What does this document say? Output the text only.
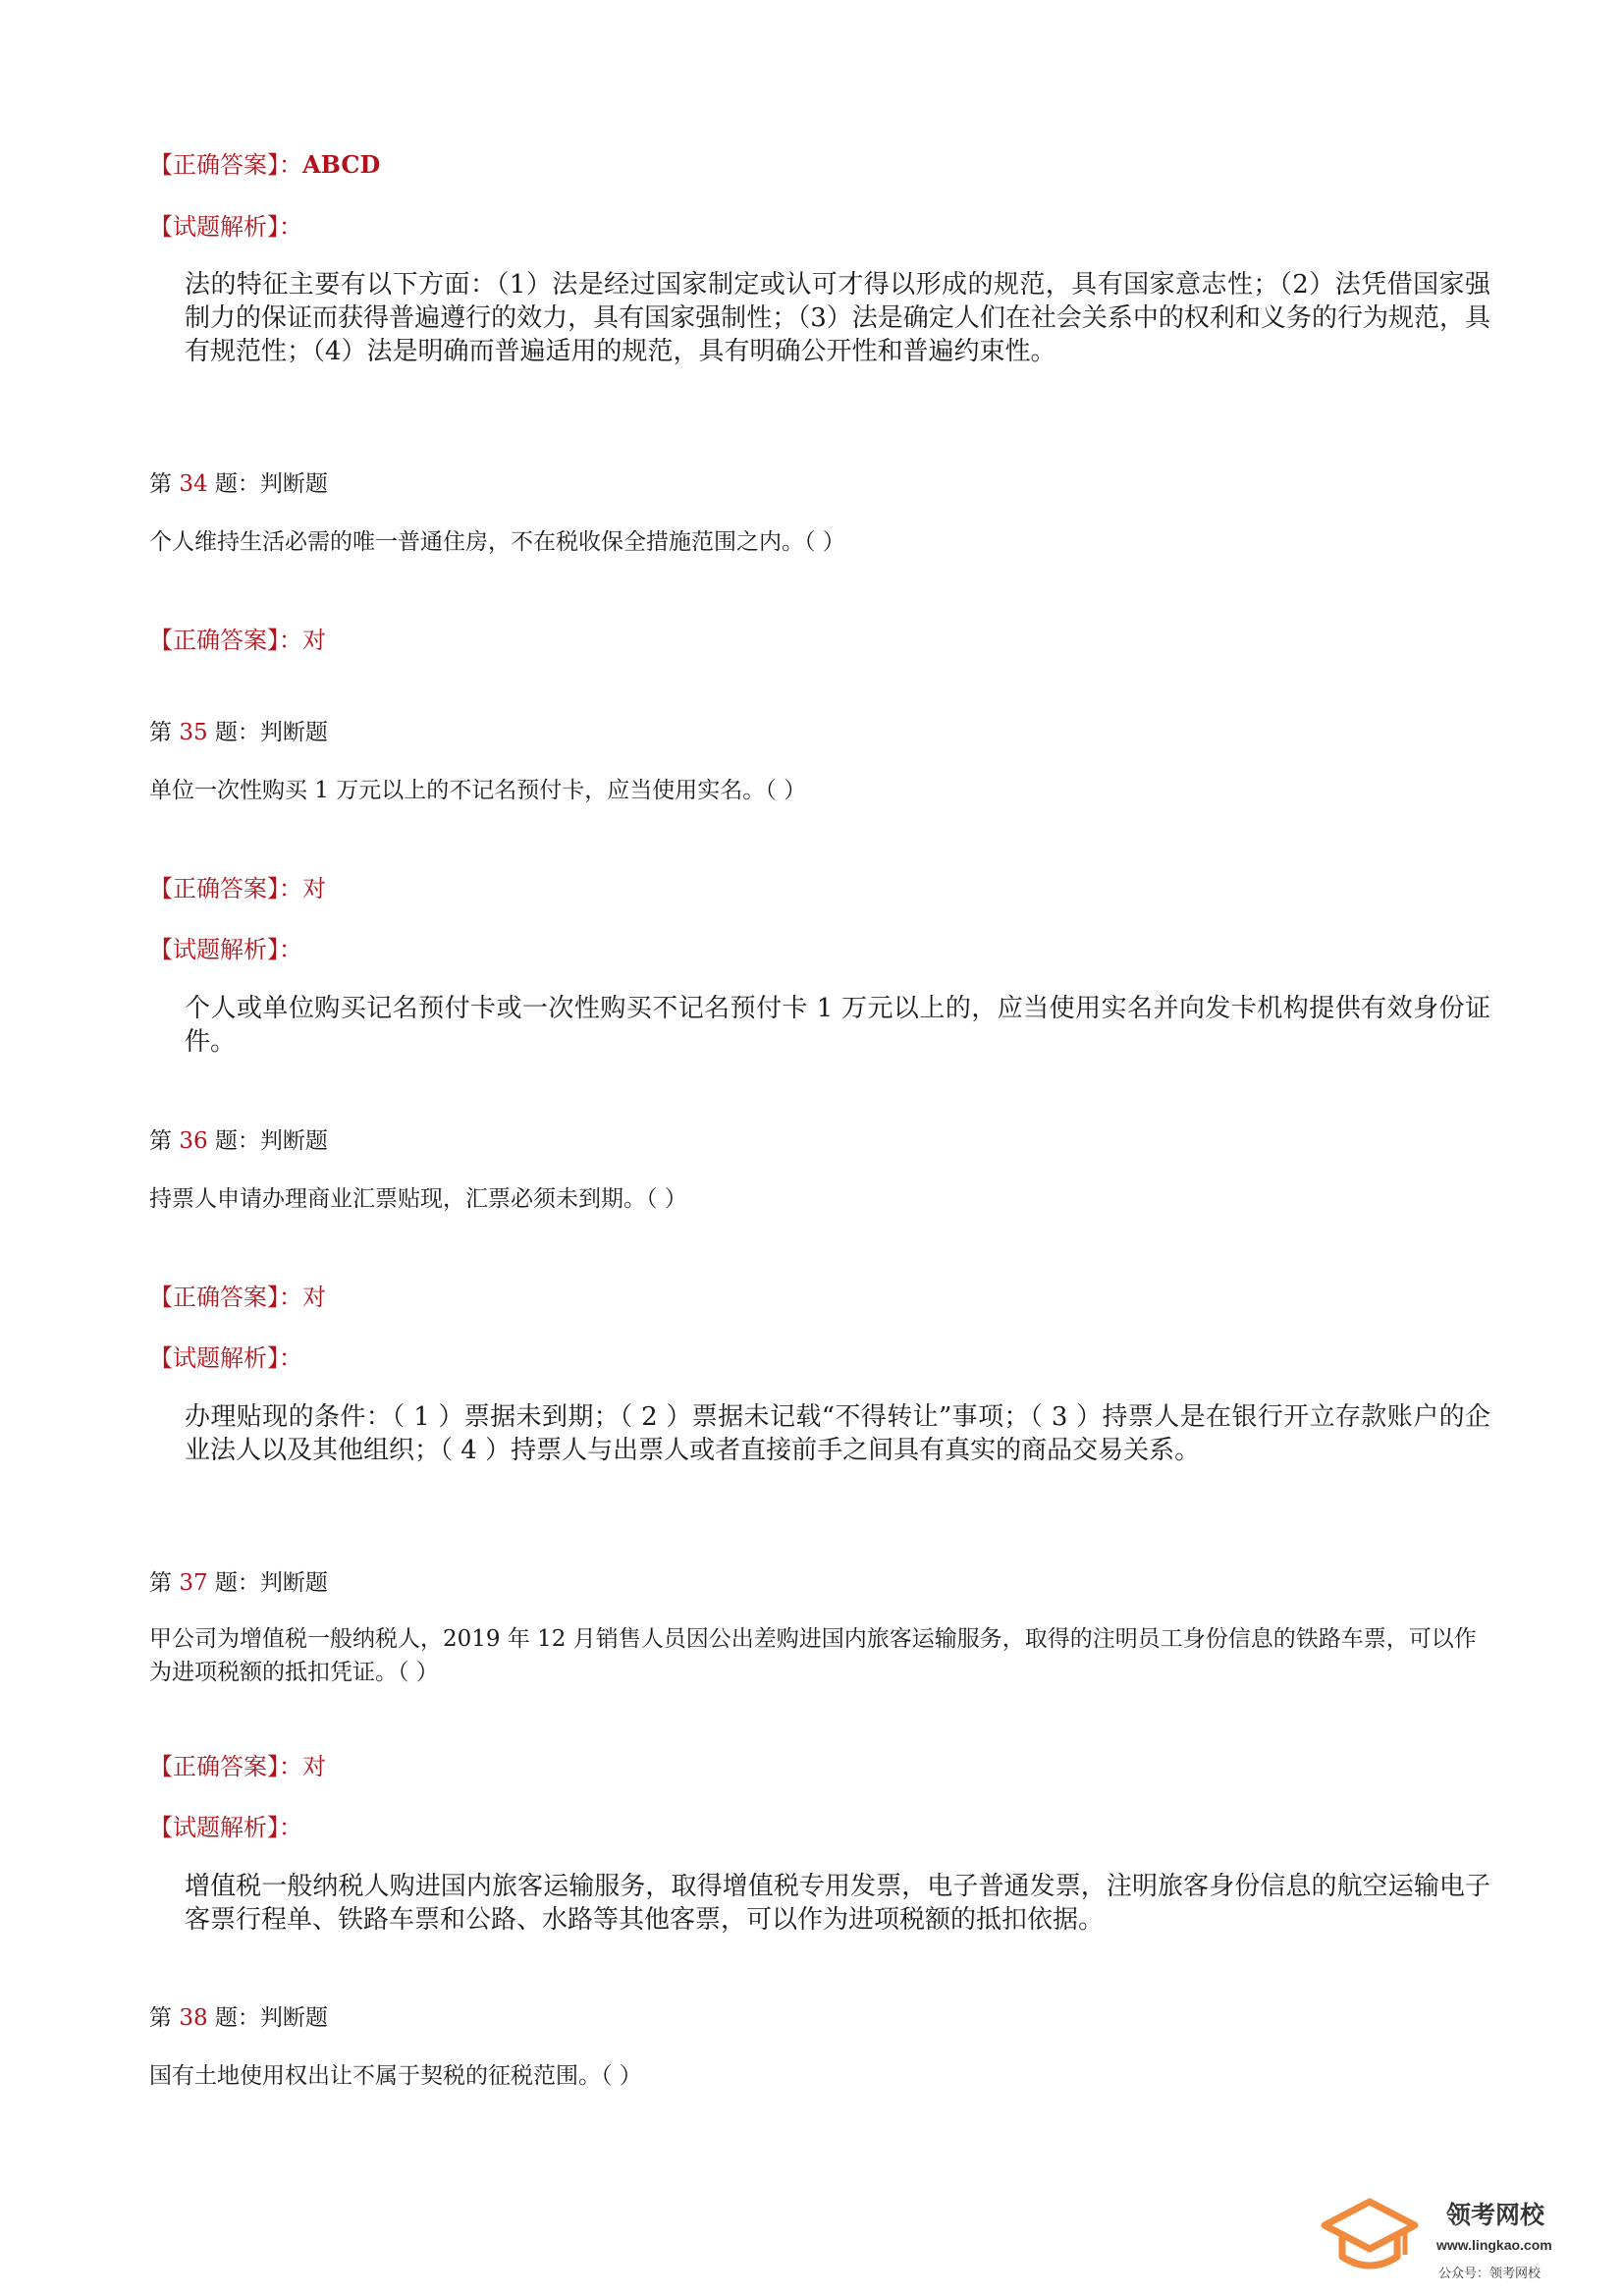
【正确答案】：ABCD
【试题解析】：
法的特征主要有以下方面：（1）法是经过国家制定或认可才得以形成的规范，具有国家意志性；（2）法凭借国家强制力的保证而获得普遍遵行的效力，具有国家强制性；（3）法是确定人们在社会关系中的权利和义务的行为规范，具有规范性；（4）法是明确而普遍适用的规范，具有明确公开性和普遍约束性。
第 34 题：判断题
个人维持生活必需的唯一普通住房，不在税收保全措施范围之内。（ ）
【正确答案】：对
第 35 题：判断题
单位一次性购买 1 万元以上的不记名预付卡，应当使用实名。（ ）
【正确答案】：对
【试题解析】：
个人或单位购买记名预付卡或一次性购买不记名预付卡 1 万元以上的，应当使用实名并向发卡机构提供有效身份证件。
第 36 题：判断题
持票人申请办理商业汇票贴现，汇票必须未到期。（ ）
【正确答案】：对
【试题解析】：
办理贴现的条件：（ 1 ）票据未到期；（ 2 ）票据未记载“不得转让”事项；（ 3 ）持票人是在银行开立存款账户的企业法人以及其他组织；（ 4 ）持票人与出票人或者直接前手之间具有真实的商品交易关系。
第 37 题：判断题
甲公司为增值税一般纳税人，2019 年 12 月销售人员因公出差购进国内旅客运输服务，取得的注明员工身份信息的铁路车票，可以作为进项税额的抵扣凭证。（ ）
【正确答案】：对
【试题解析】：
增值税一般纳税人购进国内旅客运输服务，取得增值税专用发票，电子普通发票，注明旅客身份信息的航空运输电子客票行程单、铁路车票和公路、水路等其他客票，可以作为进项税额的抵扣依据。
第 38 题：判断题
国有土地使用权出让不属于契税的征税范围。（ ）
领考网校
www.lingkao.com
公众号：领考网校
